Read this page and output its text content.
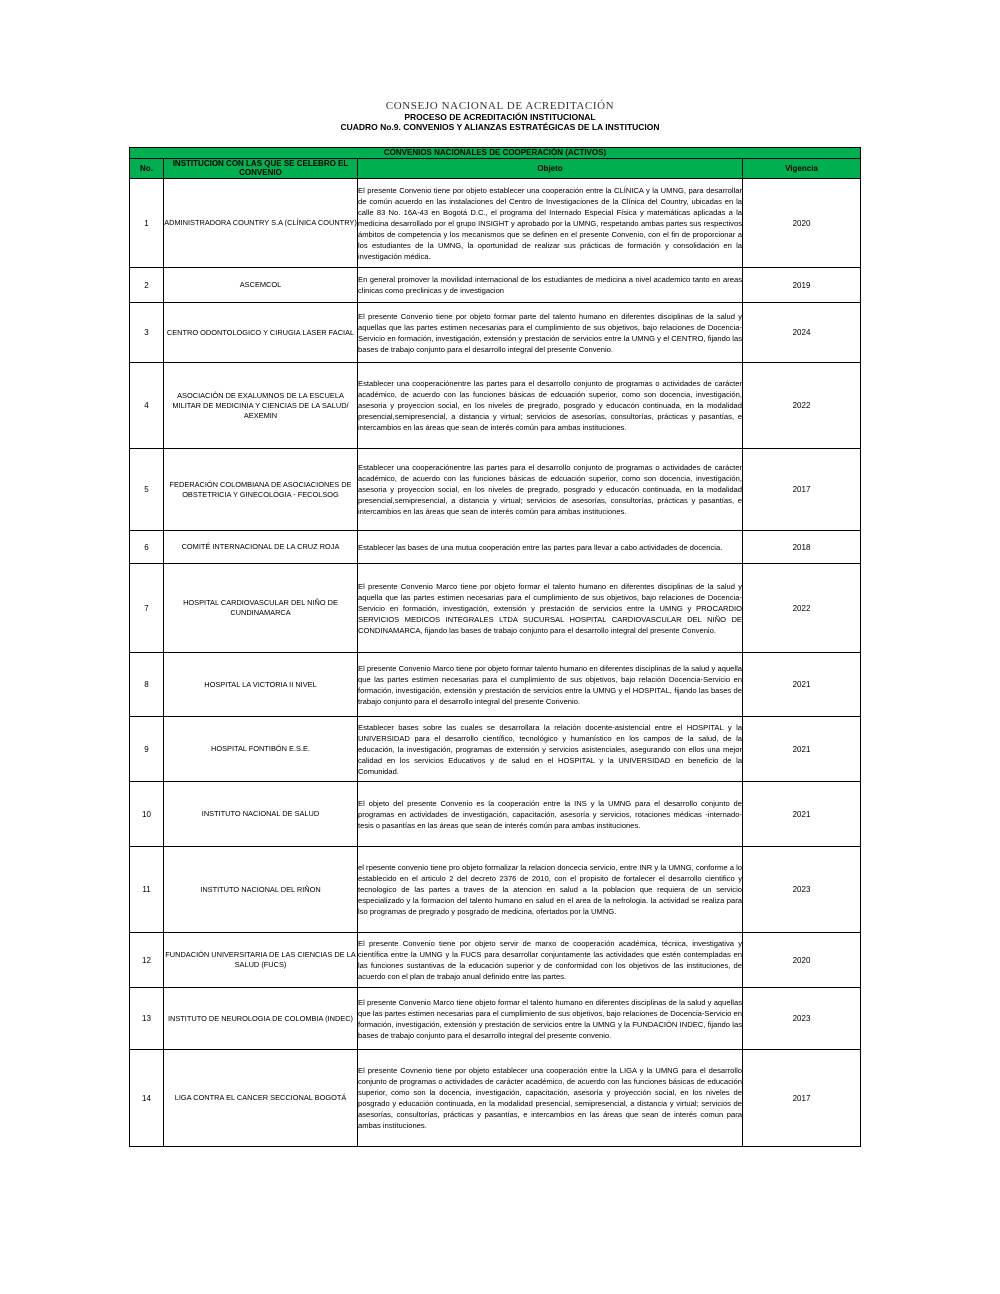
CONSEJO NACIONAL DE ACREDITACIÓN
PROCESO DE ACREDITACIÓN INSTITUCIONAL
CUADRO No.9. CONVENIOS Y ALIANZAS ESTRATÉGICAS DE LA INSTITUCION
CONVENIOS NACIONALES DE COOPERACIÓN (ACTIVOS)			
No.	INSTITUCION CON LAS QUE SE CELEBRO EL CONVENIO	Objeto	Vigencia
1	ADMINISTRADORA COUNTRY S.A (CLÍNICA COUNTRY)	El presente Convenio tiene por objeto establecer una cooperación entre la CLÍNICA y la UMNG, para desarrollar de común acuerdo en las instalaciones del Centro de Investigaciones de la Clínica del Country, ubicadas en la calle 83 No. 16A-43 en Bogotá D.C., el programa del Internado Especial Física y matemáticas aplicadas a la medicina desarrollado por el grupo INSIGHT y aprobado por la UMNG, respetando ambas partes sus respectivos ámbitos de competencia y los mecanismos que se definen en el presente Convenio, con el fin de proporcionar a los estudiantes de la UMNG, la oportunidad de realizar sus prácticas de formación y consolidación en la investigación médica.	2020
2	ASCEMCOL	En general promover la movilidad internacional de los estudiantes de medicina a nivel academico tanto en areas clinicas como preclinicas y de investigacion	2019
3	CENTRO ODONTOLOGICO Y CIRUGIA LASER FACIAL	El presente Convenio tiene por objeto formar parte del talento humano en diferentes disciplinas de la salud y aquellas que las partes estimen necesarias para el cumplimiento de sus objetivos, bajo relaciones de Docencia- Servicio en formación, investigación, extensión y prestación de servicios entre la UMNG y el CENTRO, fijando las bases de trabajo conjunto para el desarrollo integral del presente Convenio.	2024
4	ASOCIACIÓN DE EXALUMNOS DE LA ESCUELA MILITAR DE MEDICINIA Y CIENCIAS DE LA SALUD/ AEXEMIN	Establecer una cooperaciónentre las partes para el desarrollo conjunto de programas o actividades de carácter académico, de acuerdo con las funciones básicas de edcuación superior, como son docencia, investigación, asesoria y proyeccion social, en los niveles de pregrado, posgrado y educacón continuada, en la modalidad presencial,semipresencial, a distancia y virtual; servicios de asesorías, consultorías, prácticas y pasantías, e intercambios en las áreas que sean de interés común para ambas instituciones.	2022
5	FEDERACIÓN COLOMBIANA DE ASOCIACIONES DE OBSTETRICIA Y GINECOLOGIA - FECOLSOG	Establecer una cooperaciónentre las partes para el desarrollo conjunto de programas o actividades de carácter académico, de acuerdo con las funciones básicas de edcuación superior, como son docencia, investigación, asesoria y proyeccion social, en los niveles de pregrado, posgrado y educacón continuada, en la modalidad presencial,semipresencial, a distancia y virtual; servicios de asesorías, consultorías, prácticas y pasantías, e intercambios en las áreas que sean de interés común para ambas instituciones.	2017
6	COMITÉ INTERNACIONAL DE LA CRUZ ROJA	Establecer las bases de una mutua cooperación entre las partes para llevar a cabo actividades de docencia.	2018
7	HOSPITAL CARDIOVASCULAR DEL NIÑO DE CUNDINAMARCA	El presente Convenio Marco tiene por objeto formar el talento humano en diferentes disciplinas de la salud y aquella que las partes estimen necesarias para el cumplimiento de sus objetivos, bajo relaciones de Docencia-Servicio en formación, investigación, extensión y prestación de servicios entre la UMNG y PROCARDIO SERVICIOS MEDICOS INTEGRALES LTDA SUCURSAL HOSPITAL CARDIOVASCULAR DEL NIÑO DE CONDINAMARCA, fijando las bases de trabajo conjunto para el desarrollo integral del presente Convenio.	2022
8	HOSPITAL LA VICTORIA II NIVEL	El presente Convenio Marco tiene por objeto formar talento humano en diferentes disciplinas de la salud y aquella que las partes estimen necesarias para el cumplimiento de sus objetivos, bajo relación Docencia-Servicio en formación, investigación, extensión y prestación de servicios entre la UMNG y el HOSPITAL, fijando las bases de trabajo conjunto para el desarrollo integral del presente Convenio.	2021
9	HOSPITAL FONTIBÓN E.S.E.	Establecer bases sobre las cuales se desarrollara la relación docente-asistencial entre el HOSPITAL y la UNIVERSIDAD para el desarrollo científico, tecnológico y humanístico en los campos de la salud, de la educación, la investigación, programas de extensión y servicios asistenciales, asegurando con ellos una mejor calidad en los servicios Educativos y de salud en el HOSPITAL y la UNIVERSIDAD en beneficio de la Comunidad.	2021
10	INSTITUTO NACIONAL DE SALUD	El objeto del presente Convenio es la cooperación entre la INS y la UMNG para el desarrollo conjunto de programas en actividades de investigación, capacitación, asesoría y servicios, rotaciones médicas -internado-tesis o pasantías en las áreas que sean de interés común para ambas instituciones.	2021
11	INSTITUTO NACIONAL DEL RIÑON	el rpesente convenio tiene pro objeto formalizar la relacion doncecia servicio, entre INR y la UMNG, conforme a lo establecido en el articulo 2 del decreto 2376 de 2010, con el propisito de fortalecer el desarrollo cientifico y tecnologico de las partes a traves de la atencion en salud a la poblacion que requiera de un servicio especializado y la formacion del talento humano en salud en el area de la nefrologia. la actividad se realiza para lso programas de pregrado y posgrado de medicina, ofertados por la UMNG.	2023
12	FUNDACIÓN UNIVERSITARIA DE LAS CIENCIAS DE LA SALUD (FUCS)	El presente Convenio tiene por objeto servir de marxo de cooperación académica, técnica, investigativa y científica entre la UMNG y la FUCS para desarrollar conjuntamente las actividades que estén contempladas en las funciones sustantivas de la educación superior y de conformidad con los objetivos de las instituciones, de acuerdo con el plan de trabajo anual definido entre las partes.	2020
13	INSTITUTO DE NEUROLOGIA DE COLOMBIA (INDEC)	El presente Convenio Marco tiene objeto formar el talento humano en diferentes disciplinas de la salud y aquellas que las partes estimen necesarias para el cumplimiento de sus objetivos, bajo relaciones de Docencia-Servicio en formación, investigación, extensión y prestación de servicios entre la UMNG y la FUNDACIÓN INDEC, fijando las bases de trabajo conjunto para el desarrollo integral del presente convenio.	2023
14	LIGA CONTRA EL CANCER SECCIONAL BOGOTÁ	El presente Covnenio tiene por objeto establecer una cooperación entre la LIGA y la UMNG para el desarrollo conjunto de programas o actividades de carácter académico, de acuerdo con las funciones básicas de educación superior, como son la docencia, investigación, capacitación, asesoría y proyección social, en los niveles de posgrado y educación continuada, en la modalidad presencial, semipresencial, a distancia y virtual; servicios de asesorías, consultorías, prácticas y pasantías, e intercambios en las áreas que sean de interés comun para ambas instituciones.	2017
